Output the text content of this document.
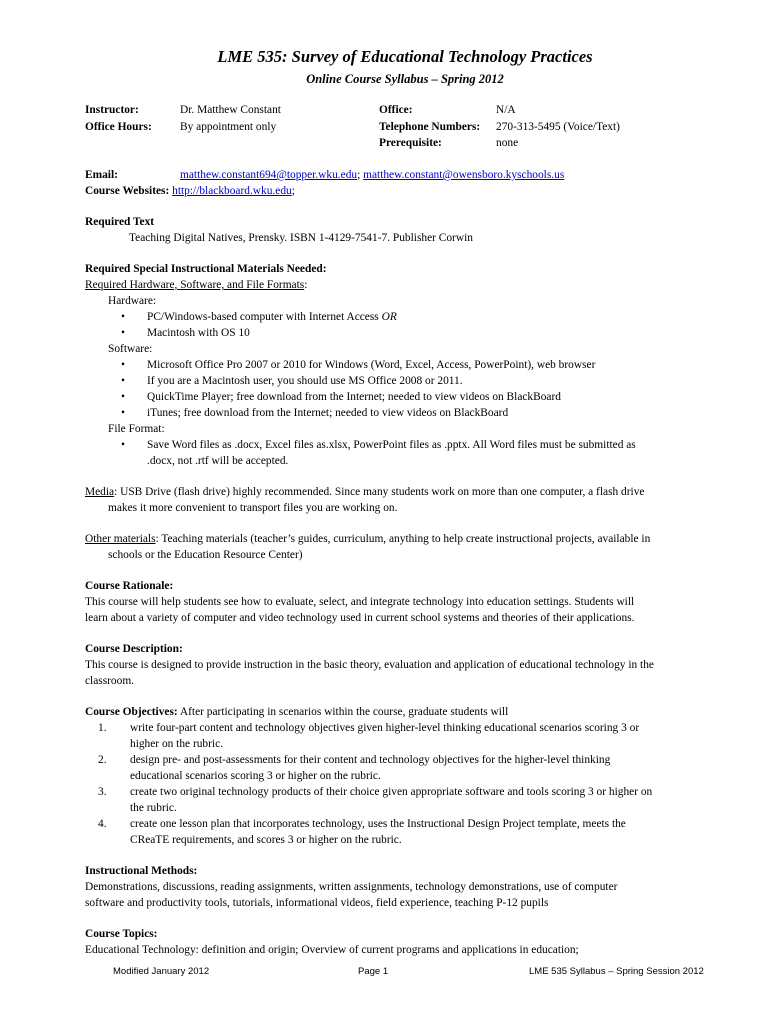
LME 535: Survey of Educational Technology Practices
Online Course Syllabus – Spring 2012
Instructor:	Dr. Matthew Constant
Office Hours: By appointment only
Office:	N/A
Telephone Numbers: 270-313-5495 (Voice/Text)
Prerequisite:	none
Email:	matthew.constant694@topper.wku.edu; matthew.constant@owensboro.kyschools.us
Course Websites: http://blackboard.wku.edu;
Required Text
Teaching Digital Natives, Prensky. ISBN 1-4129-7541-7. Publisher Corwin
Required Special Instructional Materials Needed:
Required Hardware, Software, and File Formats:
Hardware:
• PC/Windows-based computer with Internet Access OR
• Macintosh with OS 10
Software:
• Microsoft Office Pro 2007 or 2010 for Windows (Word, Excel, Access, PowerPoint), web browser
• If you are a Macintosh user, you should use MS Office 2008 or 2011.
• QuickTime Player; free download from the Internet; needed to view videos on BlackBoard
• iTunes; free download from the Internet; needed to view videos on BlackBoard
File Format:
• Save Word files as .docx, Excel files as.xlsx, PowerPoint files as .pptx. All Word files must be submitted as
.docx, not .rtf will be accepted.
Media: USB Drive (flash drive) highly recommended. Since many students work on more than one computer, a flash drive
makes it more convenient to transport files you are working on.
Other materials: Teaching materials (teacher’s guides, curriculum, anything to help create instructional projects, available in
schools or the Education Resource Center)
Course Rationale:
This course will help students see how to evaluate, select, and integrate technology into education settings. Students will
learn about a variety of computer and video technology used in current school systems and theories of their applications.
Course Description:
This course is designed to provide instruction in the basic theory, evaluation and application of educational technology in the
classroom.
Course Objectives: After participating in scenarios within the course, graduate students will
1. write four-part content and technology objectives given higher-level thinking educational scenarios scoring 3 or
higher on the rubric.
2. design pre- and post-assessments for their content and technology objectives for the higher-level thinking
educational scenarios scoring 3 or higher on the rubric.
3. create two original technology products of their choice given appropriate software and tools scoring 3 or higher on
the rubric.
4. create one lesson plan that incorporates technology, uses the Instructional Design Project template, meets the
CReaTE requirements, and scores 3 or higher on the rubric.
Instructional Methods:
Demonstrations, discussions, reading assignments, written assignments, technology demonstrations, use of computer
software and productivity tools, tutorials, informational videos, field experience, teaching P-12 pupils
Course Topics:
Educational Technology: definition and origin; Overview of current programs and applications in education;
Modified January 2012	Page 1	LME 535 Syllabus – Spring Session 2012
